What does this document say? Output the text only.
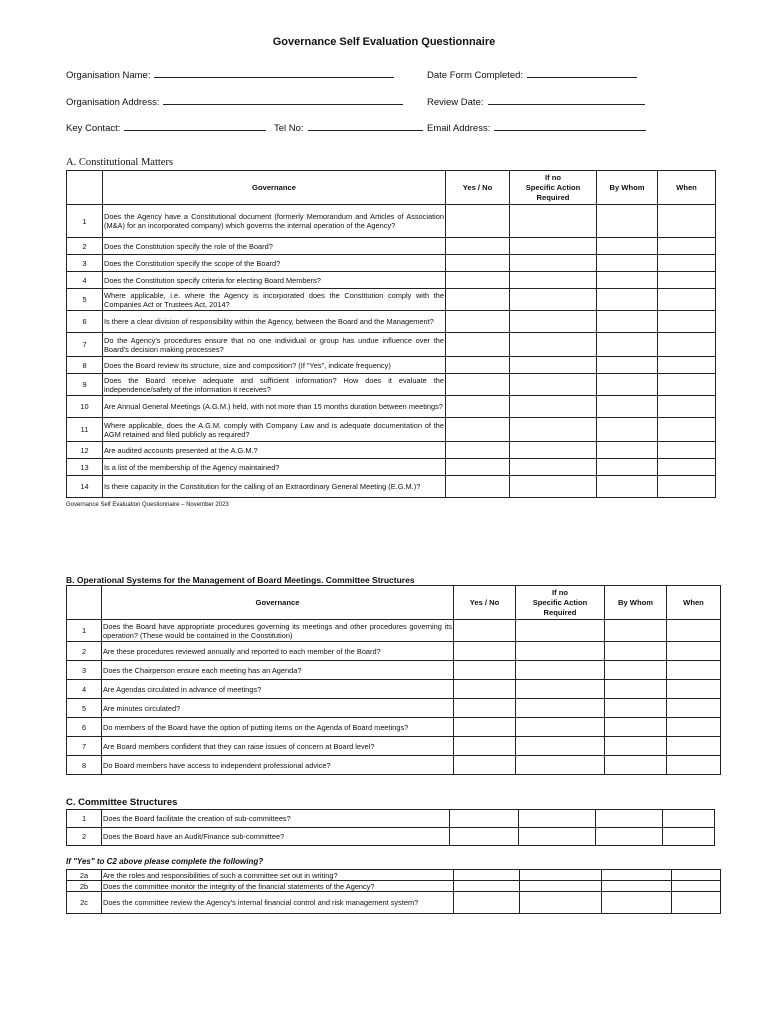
Governance Self Evaluation Questionnaire
Organisation Name:	Date Form Completed:
Organisation Address:	Review Date:
Key Contact:	Tel No:	Email Address:
A. Constitutional Matters
	Governance	Yes / No	If no
Specific Action
Required	By Whom	When
1	Does the Agency have a Constitutional document (formerly Memorandum and Articles of Association (M&A) for an incorporated company) which governs the internal operation of the Agency?				
2	Does the Constitution specify the role of the Board?				
3	Does the Constitution specify the scope of the Board?				
4	Does the Constitution specify criteria for electing Board Members?				
5	Where applicable, i.e. where the Agency is incorporated does the Constitution comply with the Companies Act or Trustees Act, 2014?				
6	Is there a clear division of responsibility within the Agency, between the Board and the Management?				
7	Do the Agency's procedures ensure that no one individual or group has undue influence over the Board's decision making processes?				
8	Does the Board review its structure, size and composition? (If "Yes", indicate frequency)				
9	Does the Board receive adequate and sufficient information? How does it evaluate the independence/safety of the information it receives?				
10	Are Annual General Meetings (A.G.M.) held, with not more than 15 months duration between meetings?				
11	Where applicable, does the A.G.M. comply with Company Law and is adequate documentation of the AGM retained and filed publicly as required?				
12	Are audited accounts presented at the A.G.M.?				
13	Is a list of the membership of the Agency maintained?				
14	Is there capacity in the Constitution for the calling of an Extraordinary General Meeting (E.G.M.)?				
Governance Self Evaluation Questionnaire – November 2023
B. Operational Systems for the Management of Board Meetings. Committee Structures
	Governance	Yes / No	If no
Specific Action
Required	By Whom	When
1	Does the Board have appropriate procedures governing its meetings and other procedures governing its operation? (These would be contained in the Constitution)				
2	Are these procedures reviewed annually and reported to each member of the Board?				
3	Does the Chairperson ensure each meeting has an Agenda?				
4	Are Agendas circulated in advance of meetings?				
5	Are minutes circulated?				
6	Do members of the Board have the option of putting items on the Agenda of Board meetings?				
7	Are Board members confident that they can raise issues of concern at Board level?				
8	Do Board members have access to independent professional advice?				
C. Committee Structures
1	Does the Board facilitate the creation of sub-committees?				
2	Does the Board have an Audit/Finance sub-committee?				
If "Yes" to C2 above please complete the following?
2a	Are the roles and responsibilities of such a committee set out in writing?				
2b	Does the committee monitor the integrity of the financial statements of the Agency?				
2c	Does the committee review the Agency's internal financial control and risk management system?				
